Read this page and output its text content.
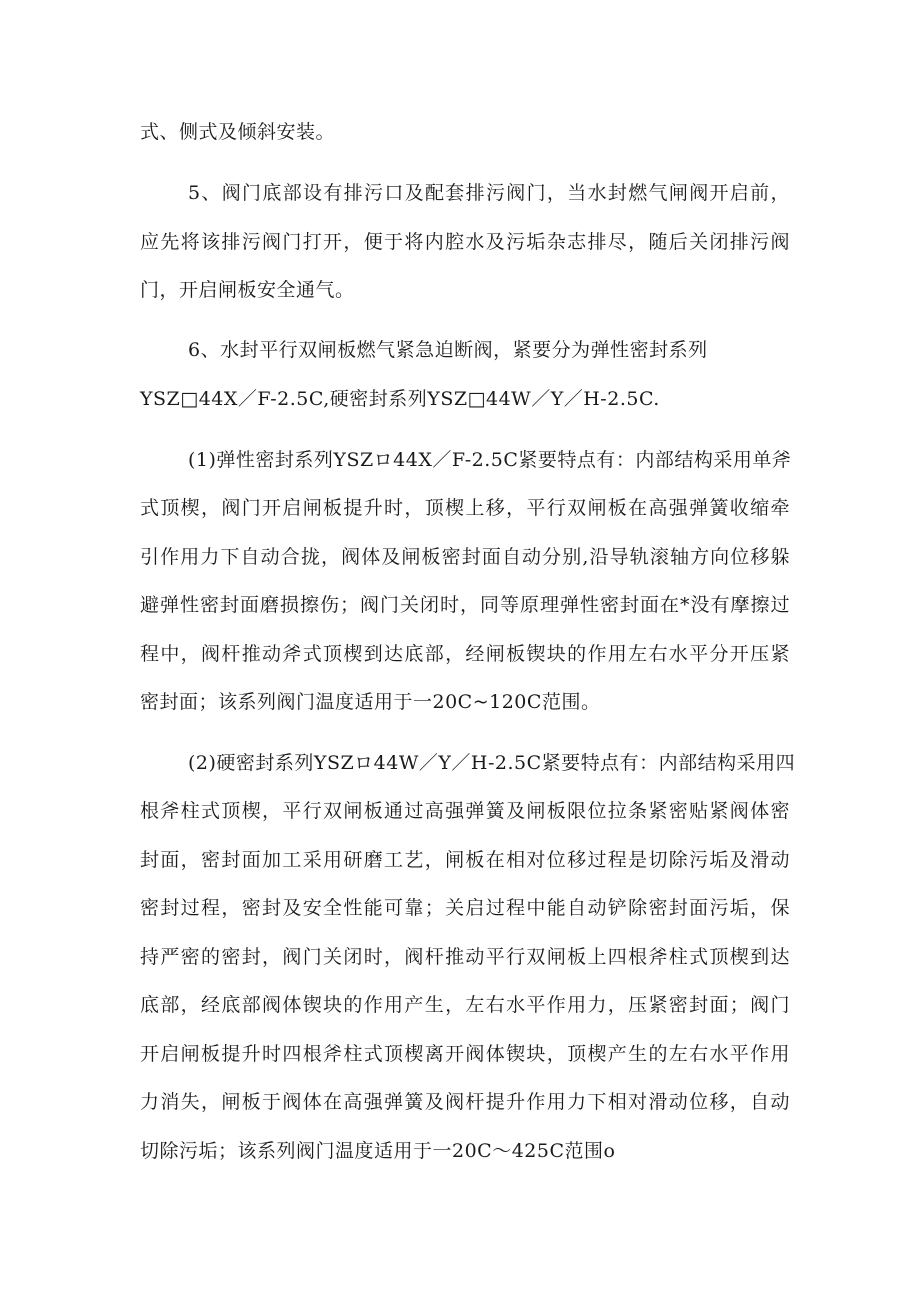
式、侧式及倾斜安装。
5、阀门底部设有排污口及配套排污阀门，当水封燃气闸阀开启前，
应先将该排污阀门打开，便于将内腔水及污垢杂志排尽，随后关闭排污阀
门，开启闸板安全通气。
6、水封平行双闸板燃气紧急迫断阀，紧要分为弹性密封系列
YSZ□44X／F-2.5C,硬密封系列YSZ□44W／Y／H-2.5C.
(1)弹性密封系列YSZロ44X／F-2.5C紧要特点有：内部结构采用单斧
式顶楔，阀门开启闸板提升时，顶楔上移，平行双闸板在高强弹簧收缩牵
引作用力下自动合拢，阀体及闸板密封面自动分别,沿导轨滚轴方向位移躲
避弹性密封面磨损擦伤；阀门关闭时，同等原理弹性密封面在*没有摩擦过
程中，阀杆推动斧式顶楔到达底部，经闸板锲块的作用左右水平分开压紧
密封面；该系列阀门温度适用于一20C~120C范围。
(2)硬密封系列YSZロ44W／Y／H-2.5C紧要特点有：内部结构采用四
根斧柱式顶楔，平行双闸板通过高强弹簧及闸板限位拉条紧密贴紧阀体密
封面，密封面加工采用研磨工艺，闸板在相对位移过程是切除污垢及滑动
密封过程，密封及安全性能可靠；关启过程中能自动铲除密封面污垢，保
持严密的密封，阀门关闭时，阀杆推动平行双闸板上四根斧柱式顶楔到达
底部，经底部阀体锲块的作用产生，左右水平作用力，压紧密封面；阀门
开启闸板提升时四根斧柱式顶楔离开阀体锲块，顶楔产生的左右水平作用
力消失，闸板于阀体在高强弹簧及阀杆提升作用力下相对滑动位移，自动
切除污垢；该系列阀门温度适用于一20C～425C范围o
